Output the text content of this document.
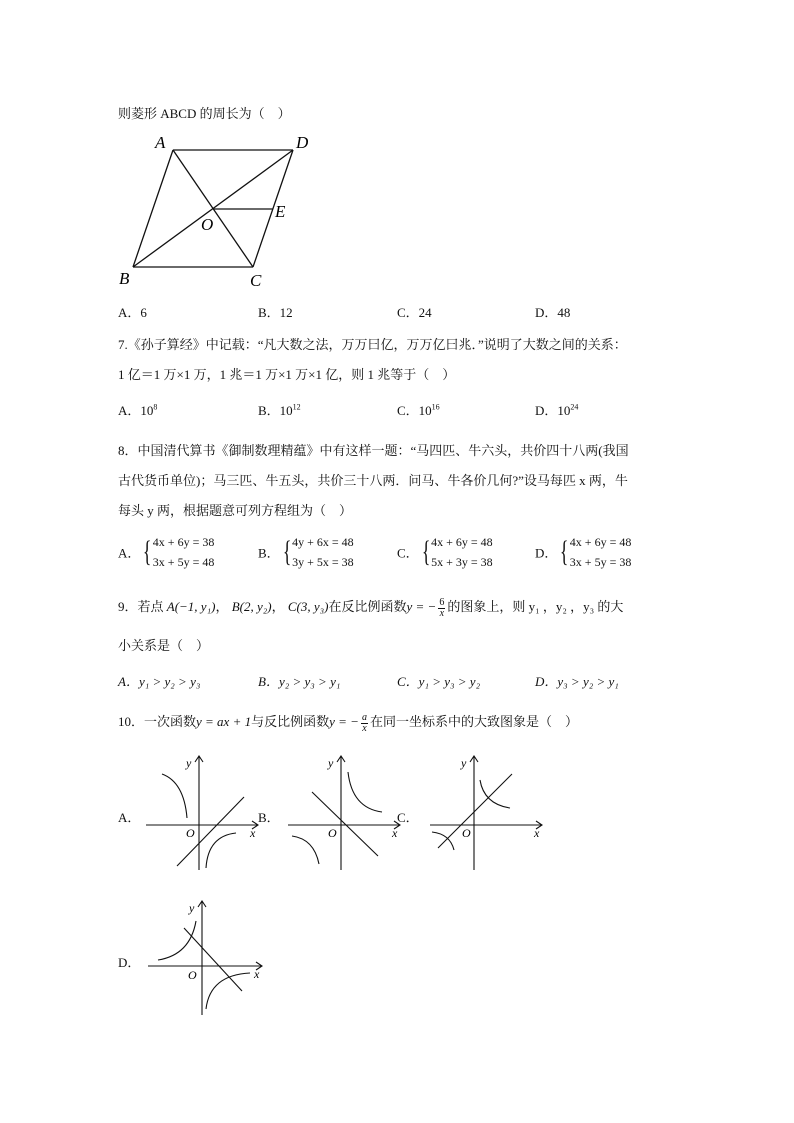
则菱形 ABCD 的周长为（　）
A	D
B	C
O
E
A．6	B．12	C．24	D．48
7.《孙子算经》中记载：“凡大数之法，万万曰亿，万万亿曰兆．”说明了大数之间的关系：
1 亿＝1 万×1 万，1 兆＝1 万×1 万×1 亿，则 1 兆等于（　）
A．$10^8$	B．$10^{12}$	C．$10^{16}$	D．$10^{24}$
8．中国清代算书《御制数理精蕴》中有这样一题：“马四匹、牛六头，共价四十八两(我国
古代货币单位)；马三匹、牛五头，共价三十八两．问马、牛各价几何?”设马每匹 x 两，牛
每头 y 两，根据题意可列方程组为（　）
A．{ 4x + 6y = 38
3x + 5y = 48
B．{ 4y + 6x = 48
3y + 5x = 38
C．{ 4x + 6y = 48
5x + 3y = 38
D．{ 4x + 6y = 48
3x + 5y = 38
9．若点 A(−1, y₁)， B(2, y₂)， C(3, y₃)在反比例函数y = − $\frac{6}{x}$ 的图象上，则 y₁ ，y₂ ，y₃ 的大
小关系是（　）
A．y₁ > y₂ > y₃	B．y₂ > y₃ > y₁	C．y₁ > y₃ > y₂	D．y₃ > y₂ > y₁
10．一次函数y = ax + 1与反比例函数y = − $\frac{a}{x}$ 在同一坐标系中的大致图象是（　）
A．
y
x
O
B．
y
x
O
C．
y
x
O
D．
y
x
O
